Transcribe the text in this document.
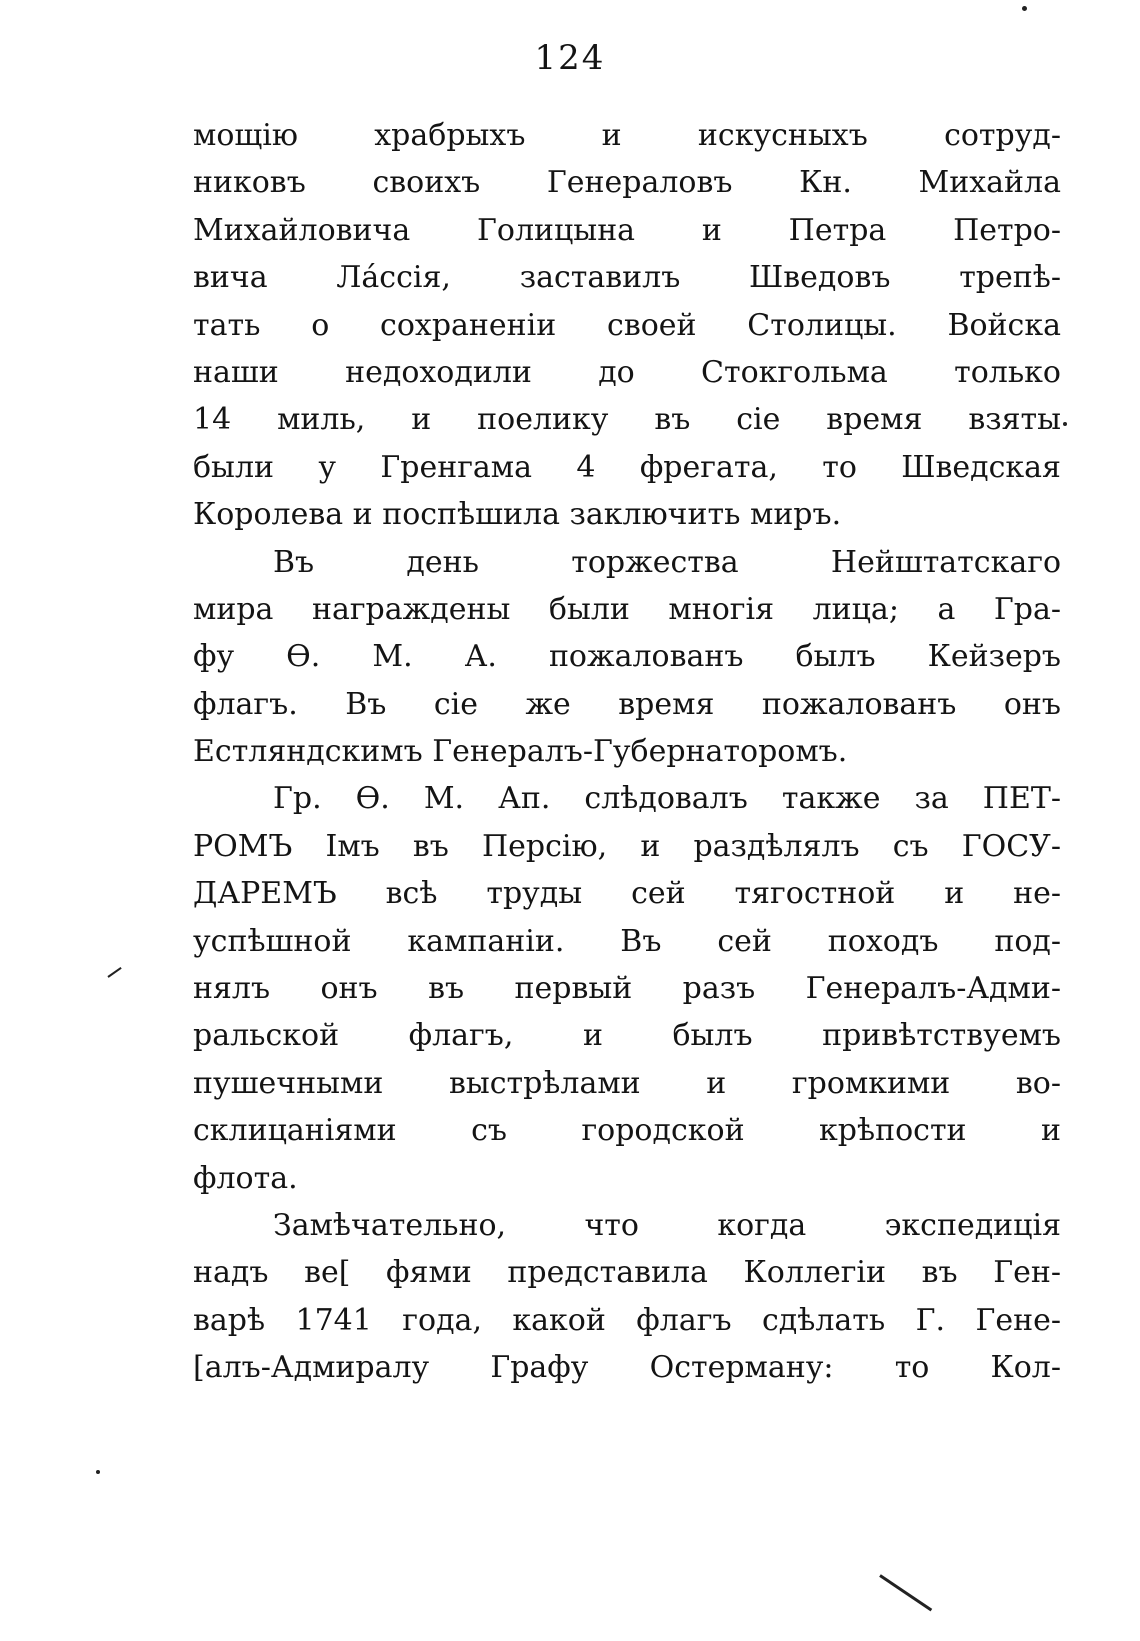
124
мощію храбрыхъ и искусныхъ сотруд-
никовъ своихъ Генераловъ Кн. Михайла
Михайловича Голицына и Петра Петро-
вича Ла́ссія, заставилъ Шведовъ трепѣ-
тать о сохраненіи своей Столицы. Войска
наши недоходили до Стокгольма только
14 миль, и поелику въ сіе время взяты
были у Гренгама 4 фрегата, то Шведская
Королева и поспѣшила заключить миръ.
Въ день торжества Нейштатскаго
мира награждены были многія лица; а Гра-
фу Ѳ. М. А. пожалованъ былъ Кейзеръ
флагъ. Въ сіе же время пожалованъ онъ
Естляндскимъ Генералъ-Губернаторомъ.
Гр. Ѳ. М. Ап. слѣдовалъ также за ПЕТ-
РОМЪ Iмъ въ Персію, и раздѣлялъ съ ГОСУ-
ДАРЕМЪ всѣ труды сей тягостной и не-
успѣшной кампаніи. Въ сей походъ под-
нялъ онъ въ первый разъ Генералъ-Адми-
ральской флагъ, и былъ привѣтствуемъ
пушечными выстрѣлами и громкими во-
склицаніями съ городской крѣпости и
флота.
Замѣчательно, что когда экспедиція
надъ ве[ фями представила Коллегіи въ Ген-
варѣ 1741 года, какой флагъ сдѣлать Г. Гене-
[алъ-Адмиралу Графу Остерману: то Кол-
